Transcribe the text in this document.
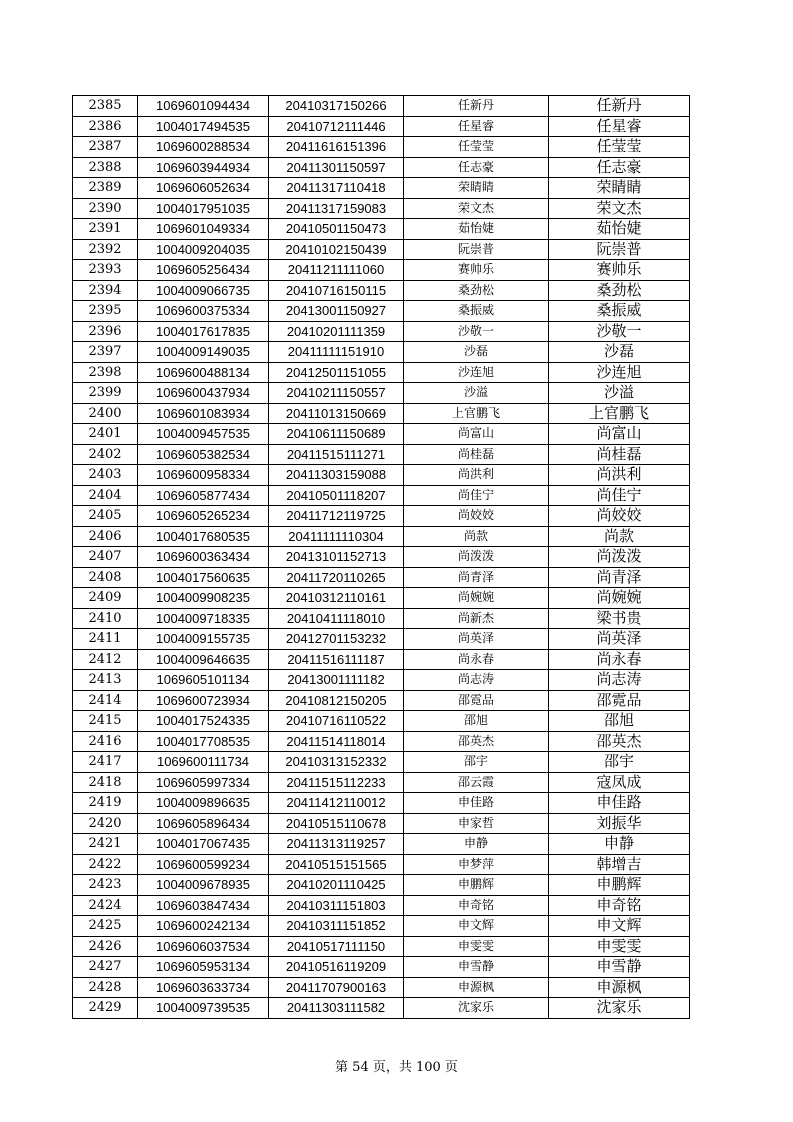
2385	1069601094434	20410317150266	任新丹	任新丹
2386	1004017494535	20410712111446	任星睿	任星睿
2387	1069600288534	20411616151396	任莹莹	任莹莹
2388	1069603944934	20411301150597	任志豪	任志豪
2389	1069606052634	20411317110418	荣睛睛	荣睛睛
2390	1004017951035	20411317159083	荣文杰	荣文杰
2391	1069601049334	20410501150473	茹怡婕	茹怡婕
2392	1004009204035	20410102150439	阮崇普	阮崇普
2393	1069605256434	20411211111060	赛帅乐	赛帅乐
2394	1004009066735	20410716150115	桑劲松	桑劲松
2395	1069600375334	20413001150927	桑振威	桑振威
2396	1004017617835	20410201111359	沙敬一	沙敬一
2397	1004009149035	20411111151910	沙磊	沙磊
2398	1069600488134	20412501151055	沙连旭	沙连旭
2399	1069600437934	20410211150557	沙溢	沙溢
2400	1069601083934	20411013150669	上官鹏飞	上官鹏飞
2401	1004009457535	20410611150689	尚富山	尚富山
2402	1069605382534	20411515111271	尚桂磊	尚桂磊
2403	1069600958334	20411303159088	尚洪利	尚洪利
2404	1069605877434	20410501118207	尚佳宁	尚佳宁
2405	1069605265234	20411712119725	尚姣姣	尚姣姣
2406	1004017680535	20411111110304	尚款	尚款
2407	1069600363434	20413101152713	尚泼泼	尚泼泼
2408	1004017560635	20411720110265	尚青泽	尚青泽
2409	1004009908235	20410312110161	尚婉婉	尚婉婉
2410	1004009718335	20410411118010	尚新杰	梁书贵
2411	1004009155735	20412701153232	尚英泽	尚英泽
2412	1004009646635	20411516111187	尚永春	尚永春
2413	1069605101134	20413001111182	尚志涛	尚志涛
2414	1069600723934	20410812150205	邵霓品	邵霓品
2415	1004017524335	20410716110522	邵旭	邵旭
2416	1004017708535	20411514118014	邵英杰	邵英杰
2417	1069600111734	20410313152332	邵宇	邵宇
2418	1069605997334	20411515112233	邵云霞	寇凤成
2419	1004009896635	20411412110012	申佳路	申佳路
2420	1069605896434	20410515110678	申家哲	刘振华
2421	1004017067435	20411313119257	申静	申静
2422	1069600599234	20410515151565	申梦萍	韩增吉
2423	1004009678935	20410201110425	申鹏辉	申鹏辉
2424	1069603847434	20410311151803	申奇铭	申奇铭
2425	1069600242134	20410311151852	申文辉	申文辉
2426	1069606037534	20410517111150	申雯雯	申雯雯
2427	1069605953134	20410516119209	申雪静	申雪静
2428	1069603633734	20411707900163	申源枫	申源枫
2429	1004009739535	20411303111582	沈家乐	沈家乐
第 54 页，共 100 页
